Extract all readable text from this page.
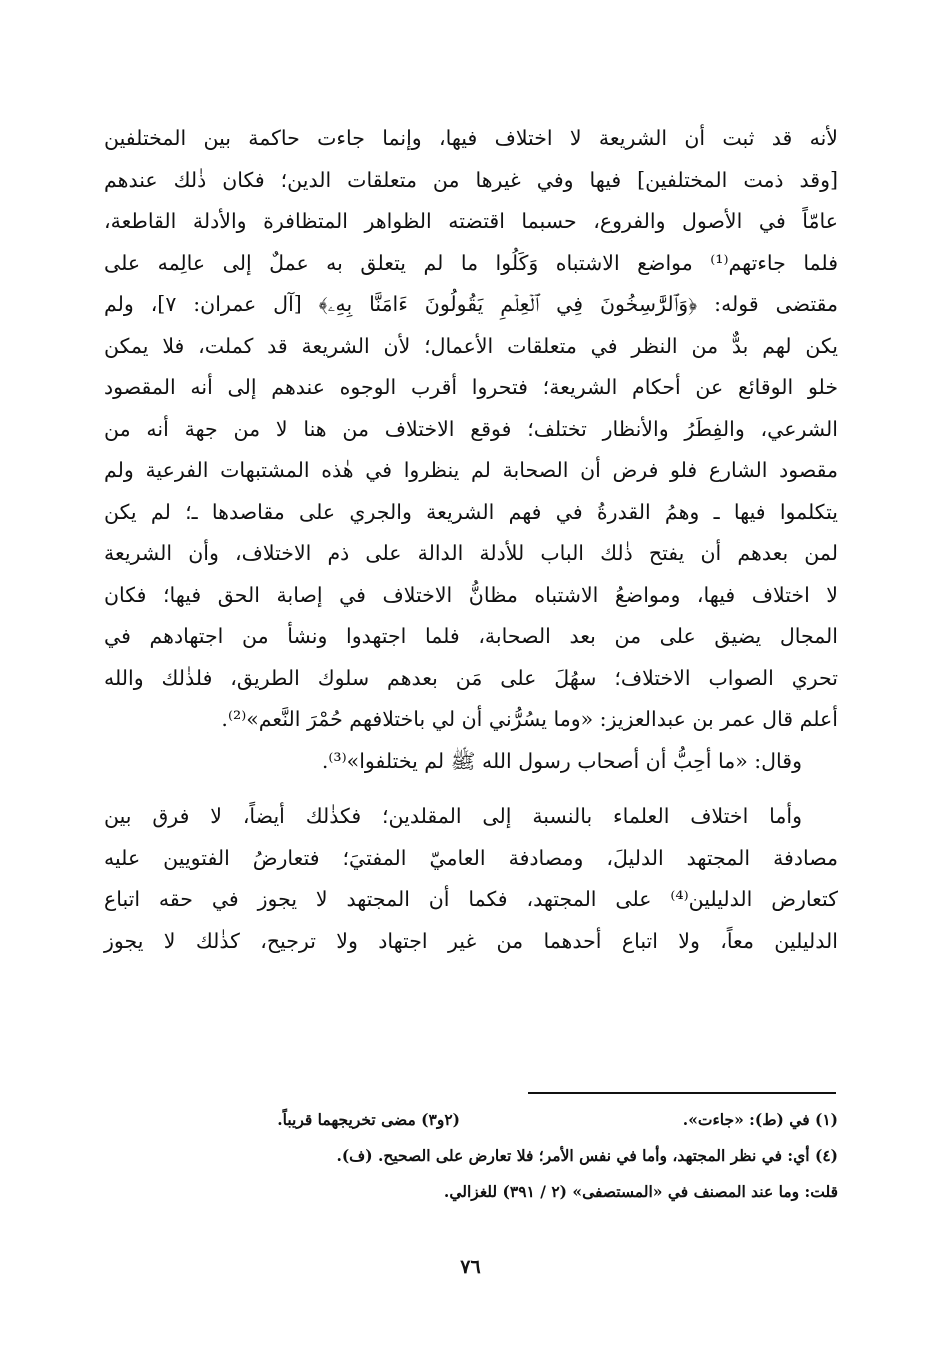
لأنه قد ثبت أن الشريعة لا اختلاف فيها، وإنما جاءت حاكمة بين المختلفين
[وقد ذمت المختلفين] فيها وفي غيرها من متعلقات الدين؛ فكان ذٰلك عندهم
عامّاً في الأصول والفروع، حسبما اقتضته الظواهر المتظافرة والأدلة القاطعة،
فلما جاءتهم⁽¹⁾ مواضع الاشتباه وَكَلُوا ما لم يتعلق به عملٌ إلى عالِمه على
مقتضى قوله: ﴿وَٱلرَّٰسِخُونَ فِي ٱلۡعِلۡمِ يَقُولُونَ ءَامَنَّا بِهِۦ﴾ [آل عمران: ٧]، ولم
يكن لهم بدٌّ من النظر في متعلقات الأعمال؛ لأن الشريعة قد كملت، فلا يمكن
خلو الوقائع عن أحكام الشريعة؛ فتحروا أقرب الوجوه عندهم إلى أنه المقصود
الشرعي، والفِطَرُ والأنظار تختلف؛ فوقع الاختلاف من هنا لا من جهة أنه من
مقصود الشارع فلو فرض أن الصحابة لم ينظروا في هٰذه المشتبهات الفرعية ولم
يتكلموا فيها ـ وهمُ القدرةُ في فهم الشريعة والجري على مقاصدها ـ؛ لم يكن
لمن بعدهم أن يفتح ذٰلك الباب للأدلة الدالة على ذم الاختلاف، وأن الشريعة
لا اختلاف فيها، ومواضعُ الاشتباه مظانُّ الاختلاف في إصابة الحق فيها؛ فكان
المجال يضيق على من بعد الصحابة، فلما اجتهدوا ونشأ من اجتهادهم في
تحري الصواب الاختلاف؛ سهُلَ على مَن بعدهم سلوك الطريق، فلذٰلك والله
أعلم قال عمر بن عبدالعزيز: «وما يسُرُّني أن لي باختلافهم حُمْرَ النَّعم»⁽²⁾.
وقال: «ما أحِبُّ أن أصحاب رسول الله ﷺ لم يختلفوا»⁽³⁾.
وأما اختلاف العلماء بالنسبة إلى المقلدين؛ فكذٰلك أيضاً، لا فرق بين
مصادفة المجتهد الدليلَ، ومصادفة العاميّ المفتيَ؛ فتعارضُ الفتويين عليه
كتعارض الدليلين⁽⁴⁾ على المجتهد، فكما أن المجتهد لا يجوز في حقه اتباع
الدليلين معاً، ولا اتباع أحدهما من غير اجتهاد ولا ترجيح، كذٰلك لا يجوز
(١) في (ط): «جاءت».
(٢و٣) مضى تخريجهما قريباً.
(٤) أي: في نظر المجتهد، وأما في نفس الأمر؛ فلا تعارض على الصحيح. (ف).
قلت: وما عند المصنف في «المستصفى» (٢ / ٣٩١) للغزالي.
٧٦
